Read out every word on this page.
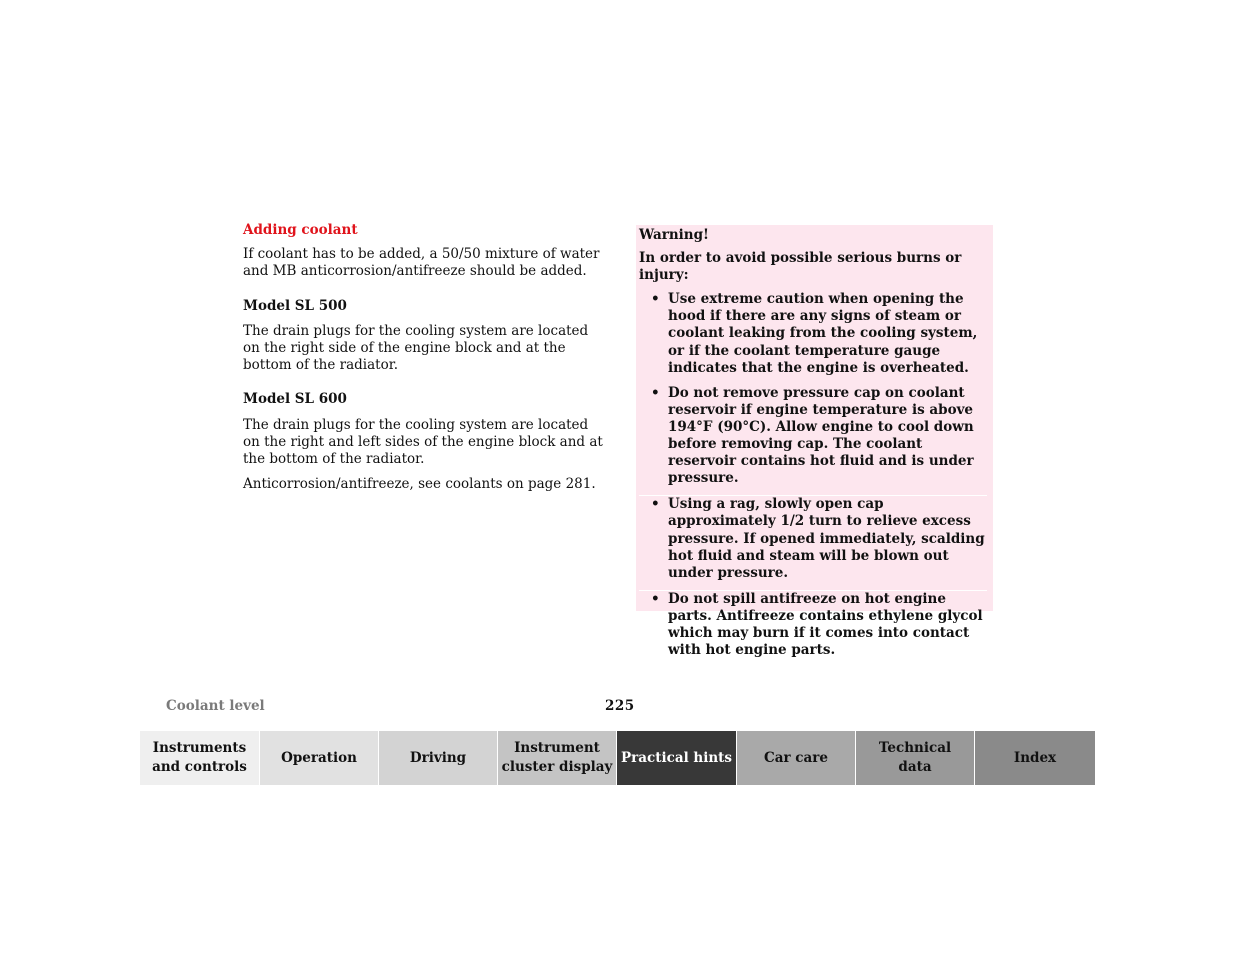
Adding coolant

If coolant has to be added, a 50/50 mixture of water and MB anticorrosion/antifreeze should be added.

Model SL 500

The drain plugs for the cooling system are located on the right side of the engine block and at the bottom of the radiator.

Model SL 600

The drain plugs for the cooling system are located on the right and left sides of the engine block and at the bottom of the radiator.

Anticorrosion/antifreeze, see coolants on page 281.

Warning!
In order to avoid possible serious burns or injury:
• Use extreme caution when opening the hood if there are any signs of steam or coolant leaking from the cooling system, or if the coolant temperature gauge indicates that the engine is overheated.
• Do not remove pressure cap on coolant reservoir if engine temperature is above 194°F (90°C). Allow engine to cool down before removing cap. The coolant reservoir contains hot fluid and is under pressure.
• Using a rag, slowly open cap approximately 1/2 turn to relieve excess pressure. If opened immediately, scalding hot fluid and steam will be blown out under pressure.
• Do not spill antifreeze on hot engine parts. Antifreeze contains ethylene glycol which may burn if it comes into contact with hot engine parts.
Coolant level	225
Instruments
and controls
Operation	Driving
Instrument
cluster display
Practical hints Car care
Technical
data
Index
